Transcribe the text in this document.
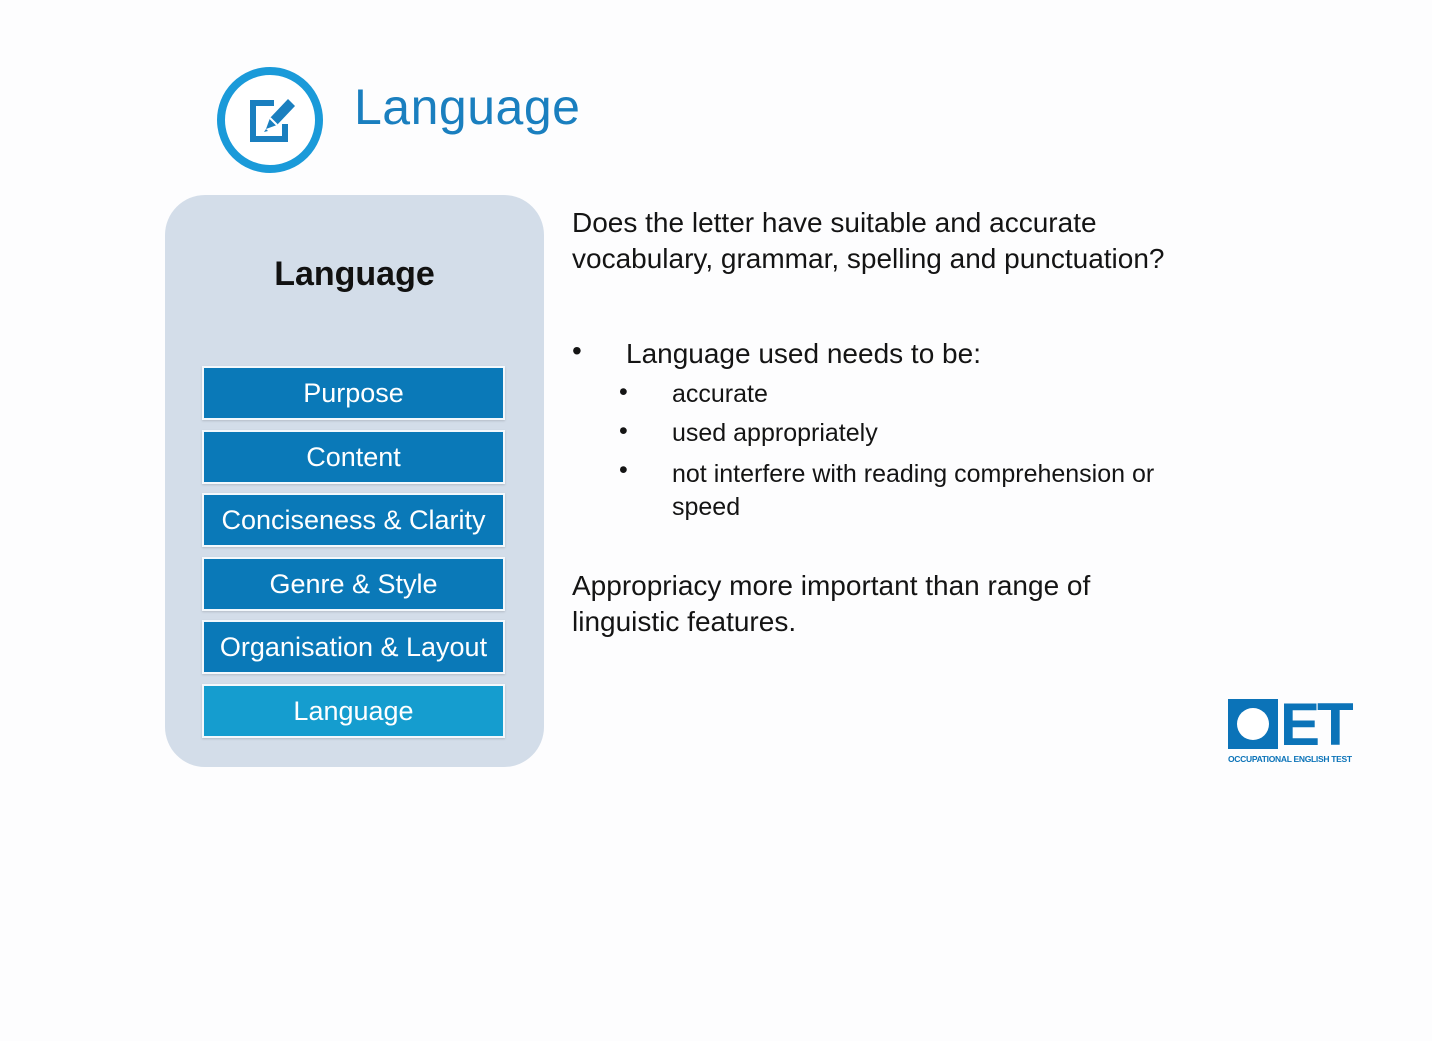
Language
Language
Purpose
Content
Conciseness & Clarity
Genre & Style
Organisation & Layout
Language

Does the letter have suitable and accurate vocabulary, grammar, spelling and punctuation?

• Language used needs to be:
• accurate
• used appropriately
• not interfere with reading comprehension or speed

Appropriacy more important than range of linguistic features.

ET
OCCUPATIONAL ENGLISH TEST
